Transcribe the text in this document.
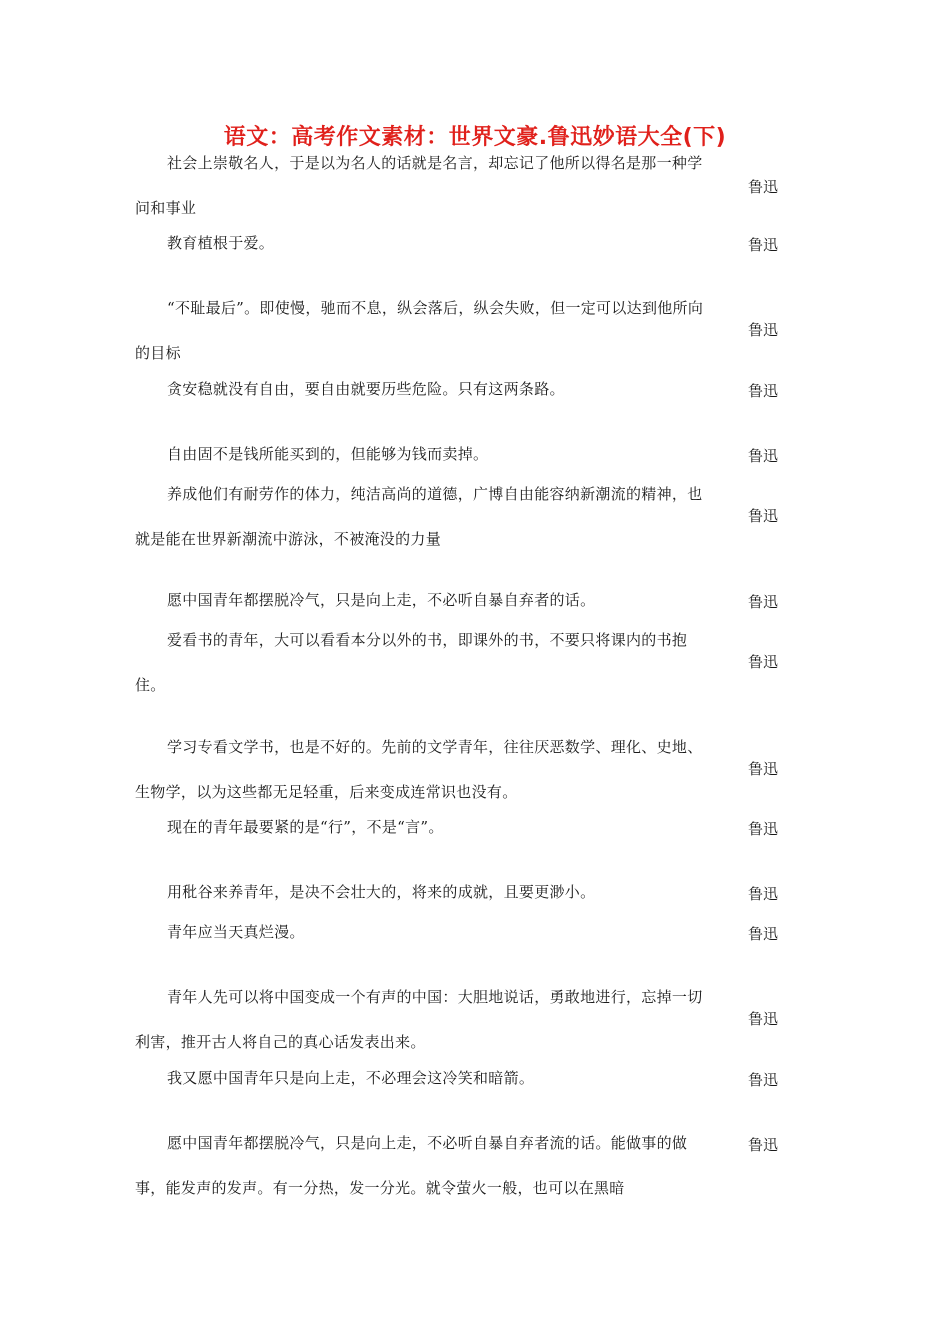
语文：高考作文素材：世界文豪.鲁迅妙语大全(下)
社会上崇敬名人，于是以为名人的话就是名言，却忘记了他所以得名是那一种学问和事业
鲁迅
教育植根于爱。	鲁迅
“不耻最后”。即使慢，驰而不息，纵会落后，纵会失败，但一定可以达到他所向的目标
鲁迅
贪安稳就没有自由，要自由就要历些危险。只有这两条路。	鲁迅
自由固不是钱所能买到的，但能够为钱而卖掉。	鲁迅
养成他们有耐劳作的体力，纯洁高尚的道德，广博自由能容纳新潮流的精神，也就是能在世界新潮流中游泳，不被淹没的力量
鲁迅
愿中国青年都摆脱冷气，只是向上走，不必听自暴自弃者的话。	鲁迅
爱看书的青年，大可以看看本分以外的书，即课外的书，不要只将课内的书抱住。
鲁迅
学习专看文学书，也是不好的。先前的文学青年，往往厌恶数学、理化、史地、生物学，以为这些都无足轻重，后来变成连常识也没有。
鲁迅
现在的青年最要紧的是“行”，不是“言”。	鲁迅
用秕谷来养青年，是决不会壮大的，将来的成就，且要更渺小。	鲁迅
青年应当天真烂漫。	鲁迅
青年人先可以将中国变成一个有声的中国：大胆地说话，勇敢地进行，忘掉一切利害，推开古人将自己的真心话发表出来。
鲁迅
我又愿中国青年只是向上走，不必理会这冷笑和暗箭。	鲁迅
愿中国青年都摆脱冷气，只是向上走，不必听自暴自弃者流的话。能做事的做事，能发声的发声。有一分热，发一分光。就令萤火一般，也可以在黑暗
鲁迅
